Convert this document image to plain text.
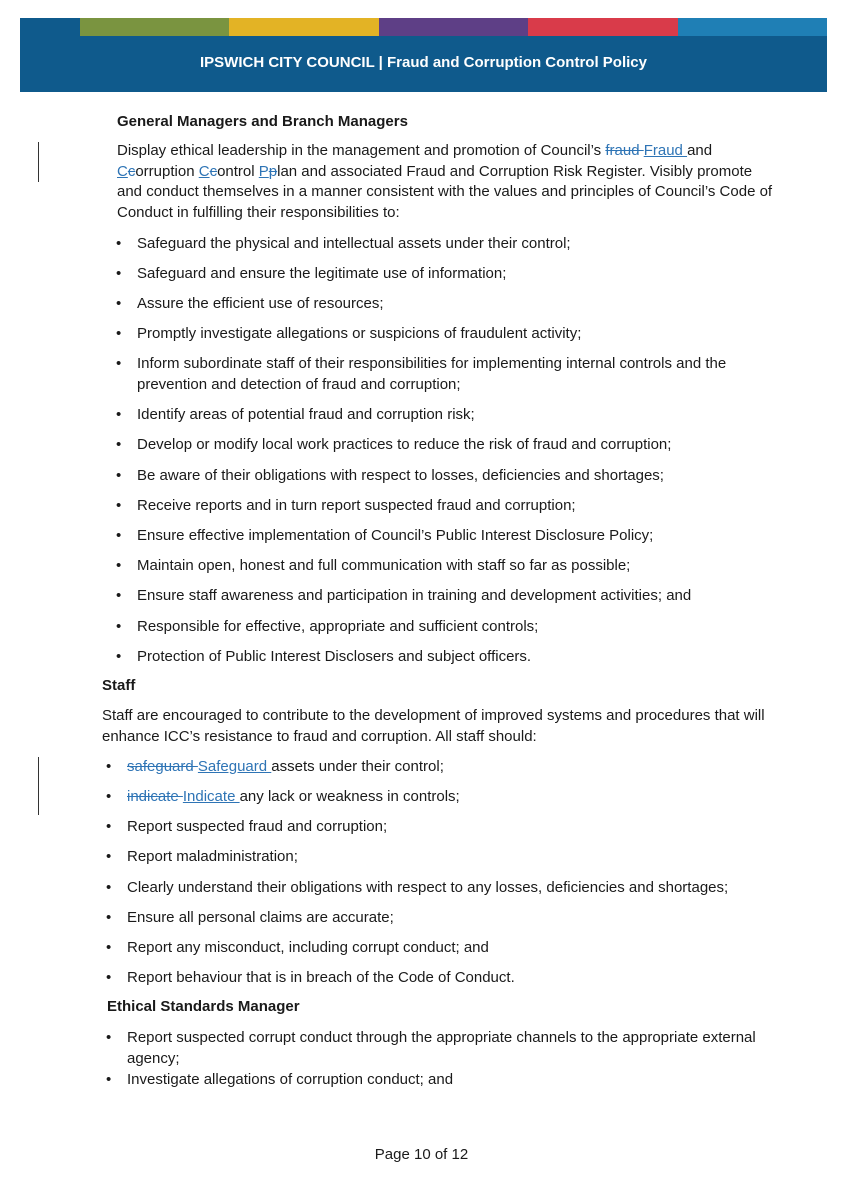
IPSWICH CITY COUNCIL | Fraud and Corruption Control Policy
General Managers and Branch Managers
Display ethical leadership in the management and promotion of Council’s fraud Fraud and Ccorruption Ccontrol Pplan and associated Fraud and Corruption Risk Register. Visibly promote and conduct themselves in a manner consistent with the values and principles of Council’s Code of Conduct in fulfilling their responsibilities to:
• Safeguard the physical and intellectual assets under their control;
• Safeguard and ensure the legitimate use of information;
• Assure the efficient use of resources;
• Promptly investigate allegations or suspicions of fraudulent activity;
• Inform subordinate staff of their responsibilities for implementing internal controls and the prevention and detection of fraud and corruption;
• Identify areas of potential fraud and corruption risk;
• Develop or modify local work practices to reduce the risk of fraud and corruption;
• Be aware of their obligations with respect to losses, deficiencies and shortages;
• Receive reports and in turn report suspected fraud and corruption;
• Ensure effective implementation of Council’s Public Interest Disclosure Policy;
• Maintain open, honest and full communication with staff so far as possible;
• Ensure staff awareness and participation in training and development activities; and
• Responsible for effective, appropriate and sufficient controls;
• Protection of Public Interest Disclosers and subject officers.
Staff
Staff are encouraged to contribute to the development of improved systems and procedures that will enhance ICC’s resistance to fraud and corruption. All staff should:
• safeguard Safeguard assets under their control;
• indicate Indicate any lack or weakness in controls;
• Report suspected fraud and corruption;
• Report maladministration;
• Clearly understand their obligations with respect to any losses, deficiencies and shortages;
• Ensure all personal claims are accurate;
• Report any misconduct, including corrupt conduct; and
• Report behaviour that is in breach of the Code of Conduct.
Ethical Standards Manager
• Report suspected corrupt conduct through the appropriate channels to the appropriate external agency;
• Investigate allegations of corruption conduct; and
Page 10 of 12
